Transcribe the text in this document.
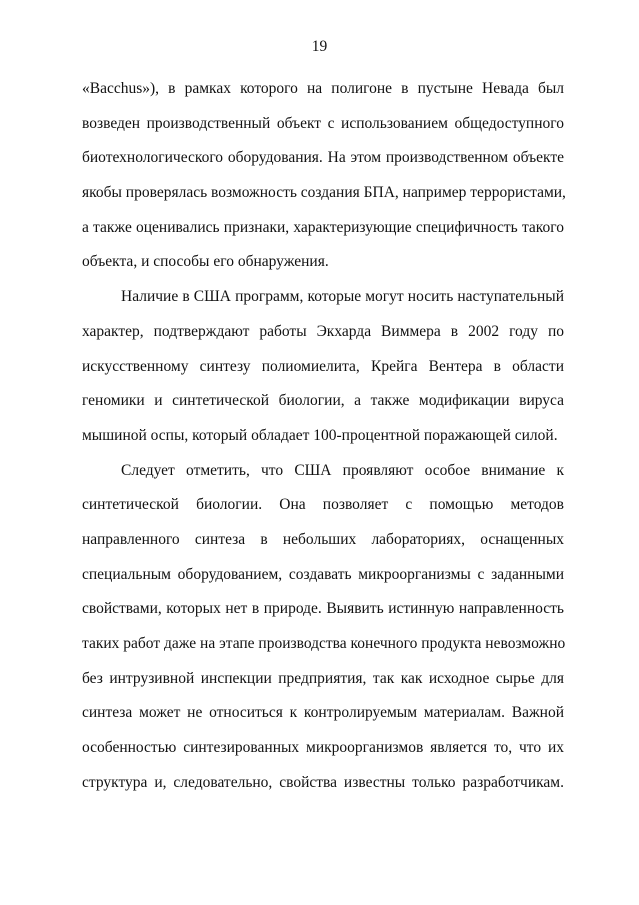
19
«Bacchus»), в рамках которого на полигоне в пустыне Невада был
возведен производственный объект с использованием общедоступного
биотехнологического оборудования. На этом производственном объекте
якобы проверялась возможность создания БПА, например террористами,
а также оценивались признаки, характеризующие специфичность такого
объекта, и способы его обнаружения.
Наличие в США программ, которые могут носить наступательный
характер, подтверждают работы Экхарда Виммера в 2002 году по
искусственному синтезу полиомиелита, Крейга Вентера в области
геномики и синтетической биологии, а также модификации вируса
мышиной оспы, который обладает 100-процентной поражающей силой.
Следует отметить, что США проявляют особое внимание к
синтетической биологии. Она позволяет с помощью методов
направленного синтеза в небольших лабораториях, оснащенных
специальным оборудованием, создавать микроорганизмы с заданными
свойствами, которых нет в природе. Выявить истинную направленность
таких работ даже на этапе производства конечного продукта невозможно
без интрузивной инспекции предприятия, так как исходное сырье для
синтеза может не относиться к контролируемым материалам. Важной
особенностью синтезированных микроорганизмов является то, что их
структура и, следовательно, свойства известны только разработчикам.
